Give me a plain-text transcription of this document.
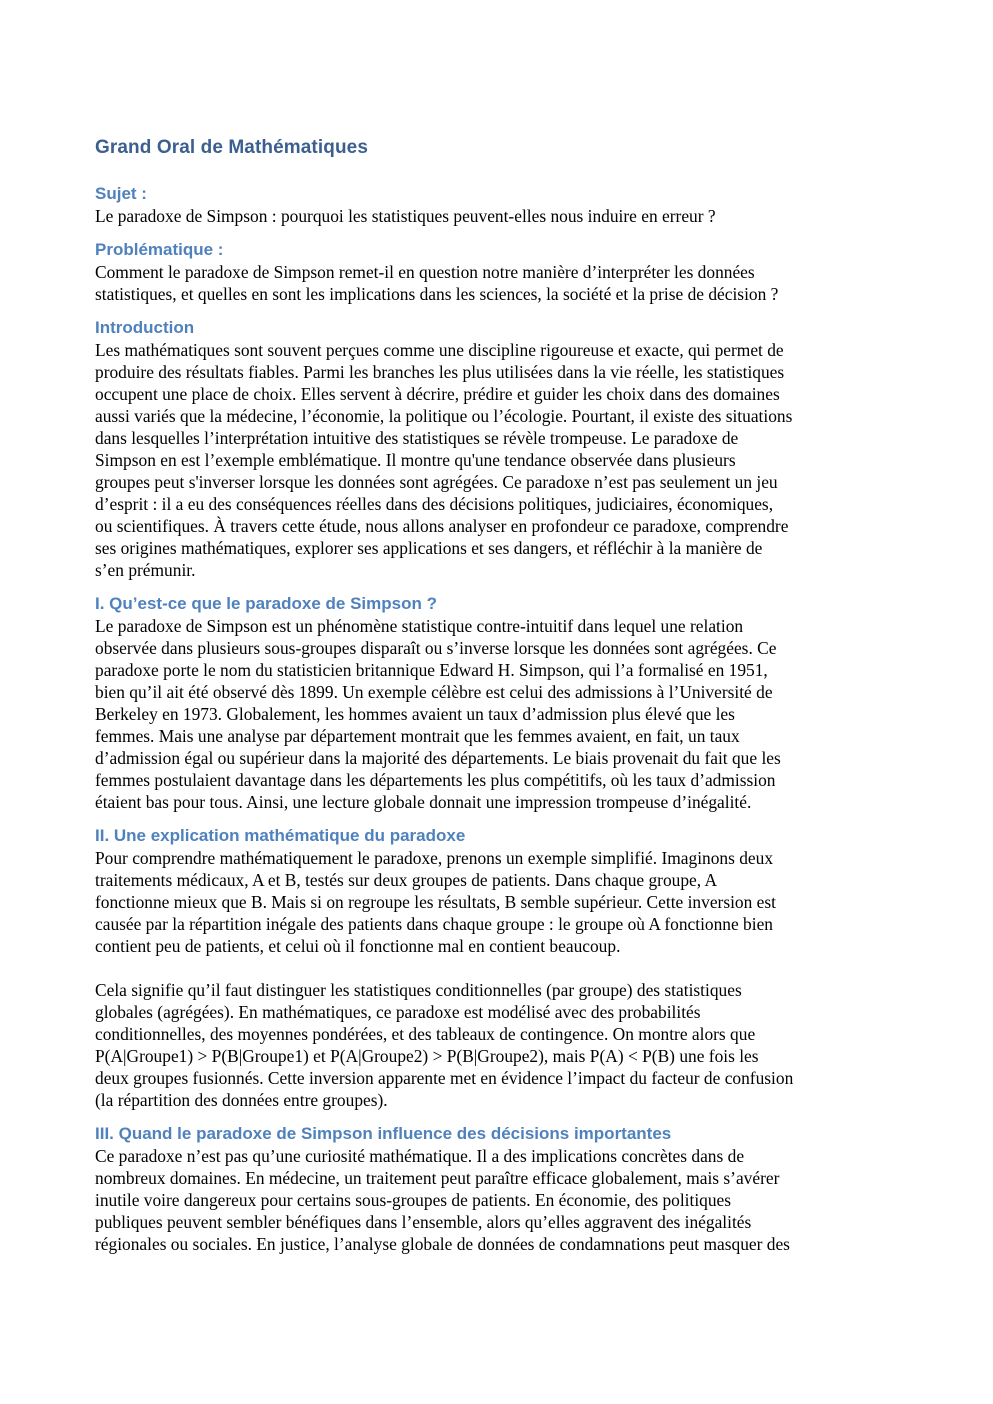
Grand Oral de Mathématiques
Sujet :

Le paradoxe de Simpson : pourquoi les statistiques peuvent-elles nous induire en erreur ?

Problématique :

Comment le paradoxe de Simpson remet-il en question notre manière d’interpréter les données
statistiques, et quelles en sont les implications dans les sciences, la société et la prise de décision ?

Introduction

Les mathématiques sont souvent perçues comme une discipline rigoureuse et exacte, qui permet de
produire des résultats fiables. Parmi les branches les plus utilisées dans la vie réelle, les statistiques
occupent une place de choix. Elles servent à décrire, prédire et guider les choix dans des domaines
aussi variés que la médecine, l’économie, la politique ou l’écologie. Pourtant, il existe des situations
dans lesquelles l’interprétation intuitive des statistiques se révèle trompeuse. Le paradoxe de
Simpson en est l’exemple emblématique. Il montre qu'une tendance observée dans plusieurs
groupes peut s'inverser lorsque les données sont agrégées. Ce paradoxe n’est pas seulement un jeu
d’esprit : il a eu des conséquences réelles dans des décisions politiques, judiciaires, économiques,
ou scientifiques. À travers cette étude, nous allons analyser en profondeur ce paradoxe, comprendre
ses origines mathématiques, explorer ses applications et ses dangers, et réfléchir à la manière de
s’en prémunir.

I. Qu’est-ce que le paradoxe de Simpson ?

Le paradoxe de Simpson est un phénomène statistique contre-intuitif dans lequel une relation
observée dans plusieurs sous-groupes disparaît ou s’inverse lorsque les données sont agrégées. Ce
paradoxe porte le nom du statisticien britannique Edward H. Simpson, qui l’a formalisé en 1951,
bien qu’il ait été observé dès 1899. Un exemple célèbre est celui des admissions à l’Université de
Berkeley en 1973. Globalement, les hommes avaient un taux d’admission plus élevé que les
femmes. Mais une analyse par département montrait que les femmes avaient, en fait, un taux
d’admission égal ou supérieur dans la majorité des départements. Le biais provenait du fait que les
femmes postulaient davantage dans les départements les plus compétitifs, où les taux d’admission
étaient bas pour tous. Ainsi, une lecture globale donnait une impression trompeuse d’inégalité.

II. Une explication mathématique du paradoxe

Pour comprendre mathématiquement le paradoxe, prenons un exemple simplifié. Imaginons deux
traitements médicaux, A et B, testés sur deux groupes de patients. Dans chaque groupe, A
fonctionne mieux que B. Mais si on regroupe les résultats, B semble supérieur. Cette inversion est
causée par la répartition inégale des patients dans chaque groupe : le groupe où A fonctionne bien
contient peu de patients, et celui où il fonctionne mal en contient beaucoup.

Cela signifie qu’il faut distinguer les statistiques conditionnelles (par groupe) des statistiques
globales (agrégées). En mathématiques, ce paradoxe est modélisé avec des probabilités
conditionnelles, des moyennes pondérées, et des tableaux de contingence. On montre alors que
P(A|Groupe1) > P(B|Groupe1) et P(A|Groupe2) > P(B|Groupe2), mais P(A) < P(B) une fois les
deux groupes fusionnés. Cette inversion apparente met en évidence l’impact du facteur de confusion
(la répartition des données entre groupes).

III. Quand le paradoxe de Simpson influence des décisions importantes

Ce paradoxe n’est pas qu’une curiosité mathématique. Il a des implications concrètes dans de
nombreux domaines. En médecine, un traitement peut paraître efficace globalement, mais s’avérer
inutile voire dangereux pour certains sous-groupes de patients. En économie, des politiques
publiques peuvent sembler bénéfiques dans l’ensemble, alors qu’elles aggravent des inégalités
régionales ou sociales. En justice, l’analyse globale de données de condamnations peut masquer des
